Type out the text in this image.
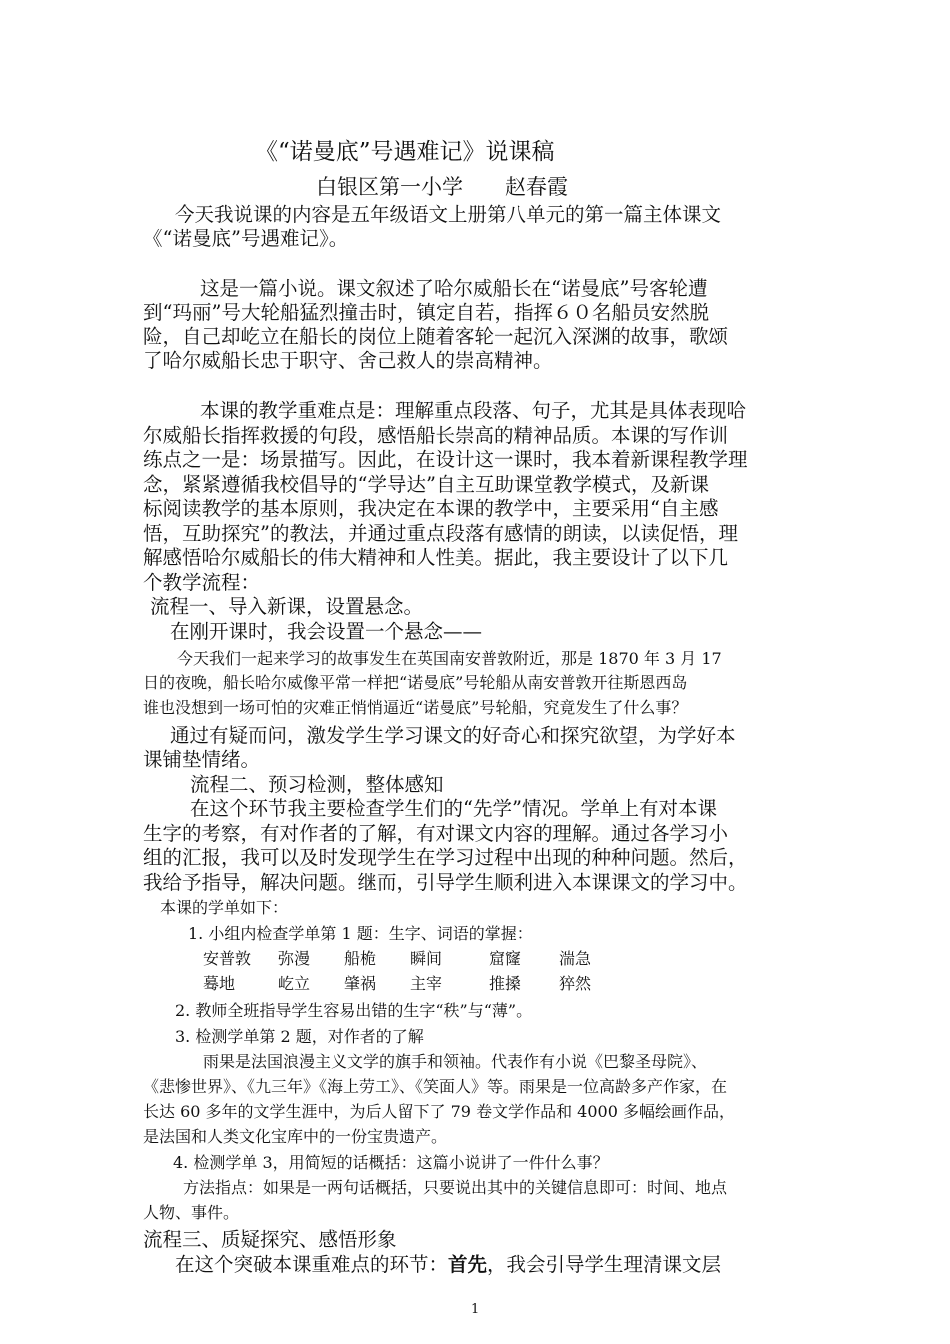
《“诺曼底”号遇难记》说课稿
白银区第一小学　　赵春霞
今天我说课的内容是五年级语文上册第八单元的第一篇主体课文
《“诺曼底”号遇难记》。
这是一篇小说。课文叙述了哈尔威船长在“诺曼底”号客轮遭
到“玛丽”号大轮船猛烈撞击时，镇定自若，指挥６０名船员安然脱
险，自己却屹立在船长的岗位上随着客轮一起沉入深渊的故事，歌颂
了哈尔威船长忠于职守、舍己救人的崇高精神。
本课的教学重难点是：理解重点段落、句子，尤其是具体表现哈
尔威船长指挥救援的句段，感悟船长崇高的精神品质。本课的写作训
练点之一是：场景描写。因此，在设计这一课时，我本着新课程教学理
念，紧紧遵循我校倡导的“学导达”自主互助课堂教学模式，及新课
标阅读教学的基本原则，我决定在本课的教学中，主要采用“自主感
悟，互助探究”的教法，并通过重点段落有感情的朗读，以读促悟，理
解感悟哈尔威船长的伟大精神和人性美。据此，我主要设计了以下几
个教学流程：
流程一、导入新课，设置悬念。
在刚开课时，我会设置一个悬念——
今天我们一起来学习的故事发生在英国南安普敦附近，那是 1870 年 3 月 17
日的夜晚，船长哈尔威像平常一样把“诺曼底”号轮船从南安普敦开往斯恩西岛
谁也没想到一场可怕的灾难正悄悄逼近“诺曼底”号轮船，究竟发生了什么事？
通过有疑而问，激发学生学习课文的好奇心和探究欲望，为学好本
课铺垫情绪。
流程二、预习检测，整体感知
在这个环节我主要检查学生们的“先学”情况。学单上有对本课
生字的考察，有对作者的了解，有对课文内容的理解。通过各学习小
组的汇报，我可以及时发现学生在学习过程中出现的种种问题。然后，
我给予指导，解决问题。继而，引导学生顺利进入本课课文的学习中。
本课的学单如下：
1. 小组内检查学单第 1 题：生字、词语的掌握：
安普敦 弥漫 船桅 瞬间	窟窿 湍急
蓦地	屹立 肇祸 主宰	推搡 猝然
2. 教师全班指导学生容易出错的生字“秩”与“薄”。
3. 检测学单第 2 题，对作者的了解
雨果是法国浪漫主义文学的旗手和领袖。代表作有小说《巴黎圣母院》、
《悲惨世界》、《九三年》《海上劳工》、《笑面人》等。雨果是一位高龄多产作家，在
长达 60 多年的文学生涯中，为后人留下了 79 卷文学作品和 4000 多幅绘画作品，
是法国和人类文化宝库中的一份宝贵遗产。
4. 检测学单 3，用简短的话概括：这篇小说讲了一件什么事？
方法指点：如果是一两句话概括，只要说出其中的关键信息即可：时间、地点
人物、事件。
流程三、质疑探究、感悟形象
在这个突破本课重难点的环节：首先，我会引导学生理清课文层
1
